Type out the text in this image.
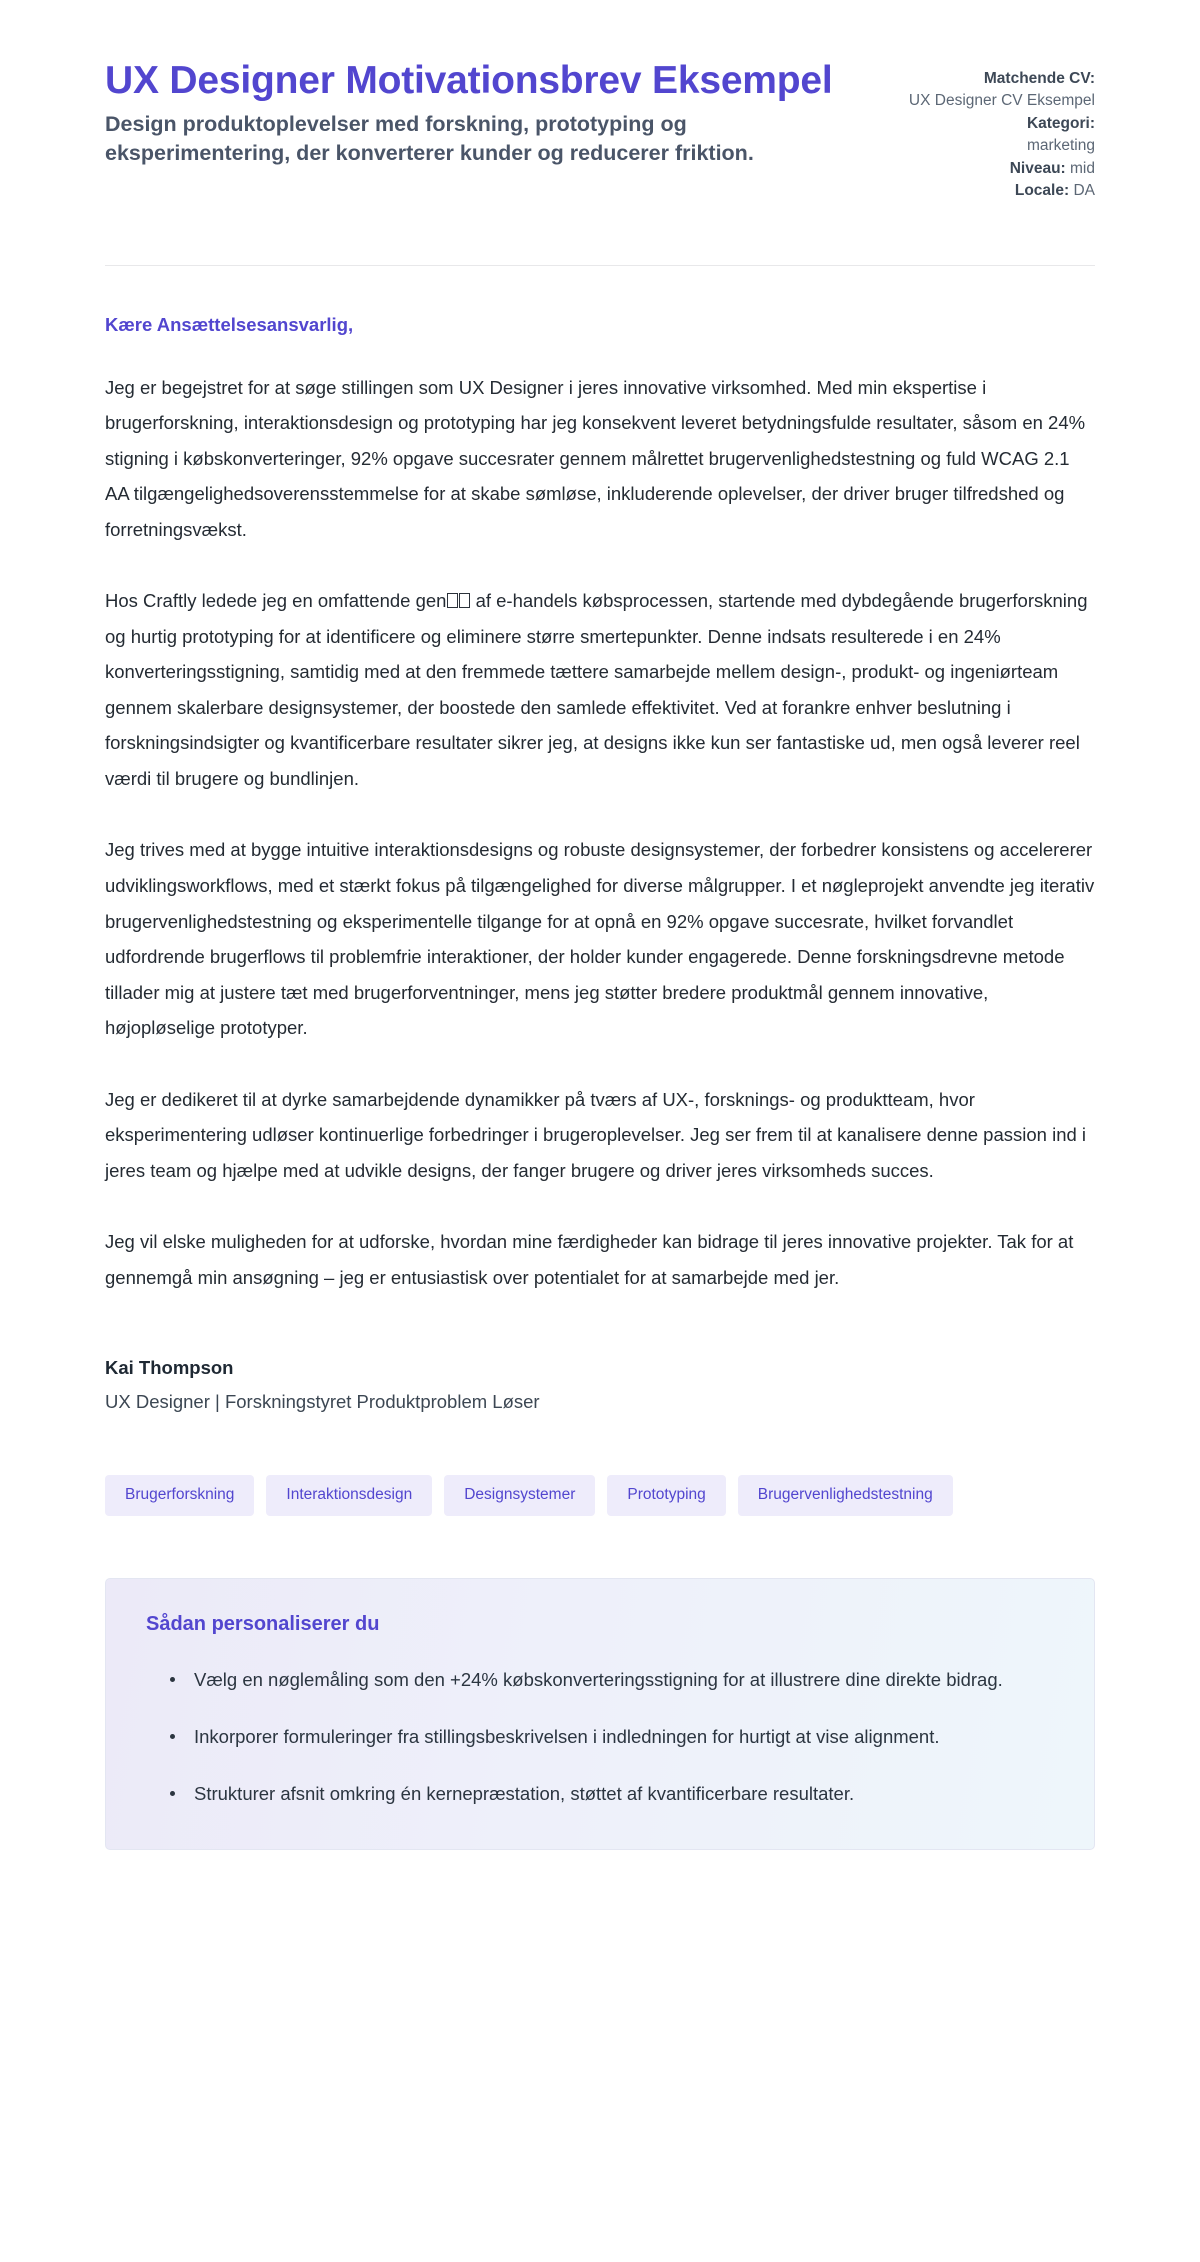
UX Designer Motivationsbrev Eksempel

Design produktoplevelser med forskning, prototyping og eksperimentering, der konverterer kunder og reducerer friktion.

Matchende CV:
UX Designer CV Eksempel
Kategori:
marketing
Niveau: mid
Locale: DA

Kære Ansættelsesansvarlig,

Jeg er begejstret for at søge stillingen som UX Designer i jeres innovative virksomhed. Med min ekspertise i brugerforskning, interaktionsdesign og prototyping har jeg konsekvent leveret betydningsfulde resultater, såsom en 24% stigning i købskonverteringer, 92% opgave succesrater gennem målrettet brugervenlighedstestning og fuld WCAG 2.1 AA tilgængelighedsoverensstemmelse for at skabe sømløse, inkluderende oplevelser, der driver bruger tilfredshed og forretningsvækst.

Hos Craftly ledede jeg en omfattende gen af e-handels købsprocessen, startende med dybdegående brugerforskning og hurtig prototyping for at identificere og eliminere større smertepunkter. Denne indsats resulterede i en 24% konverteringsstigning, samtidig med at den fremmede tættere samarbejde mellem design-, produkt- og ingeniørteam gennem skalerbare designsystemer, der boostede den samlede effektivitet. Ved at forankre enhver beslutning i forskningsindsigter og kvantificerbare resultater sikrer jeg, at designs ikke kun ser fantastiske ud, men også leverer reel værdi til brugere og bundlinjen.

Jeg trives med at bygge intuitive interaktionsdesigns og robuste designsystemer, der forbedrer konsistens og accelererer udviklingsworkflows, med et stærkt fokus på tilgængelighed for diverse målgrupper. I et nøgleprojekt anvendte jeg iterativ brugervenlighedstestning og eksperimentelle tilgange for at opnå en 92% opgave succesrate, hvilket forvandlet udfordrende brugerflows til problemfrie interaktioner, der holder kunder engagerede. Denne forskningsdrevne metode tillader mig at justere tæt med brugerforventninger, mens jeg støtter bredere produktmål gennem innovative, højopløselige prototyper.

Jeg er dedikeret til at dyrke samarbejdende dynamikker på tværs af UX-, forsknings- og produktteam, hvor eksperimentering udløser kontinuerlige forbedringer i brugeroplevelser. Jeg ser frem til at kanalisere denne passion ind i jeres team og hjælpe med at udvikle designs, der fanger brugere og driver jeres virksomheds succes.

Jeg vil elske muligheden for at udforske, hvordan mine færdigheder kan bidrage til jeres innovative projekter. Tak for at gennemgå min ansøgning – jeg er entusiastisk over potentialet for at samarbejde med jer.

Kai Thompson

UX Designer | Forskningstyret Produktproblem Løser

Brugerforskning	Interaktionsdesign	Designsystemer	Prototyping	Brugervenlighedstestning
Sådan personaliserer du
Vælg en nøglemåling som den +24% købskonverteringsstigning for at illustrere dine direkte bidrag.
Inkorporer formuleringer fra stillingsbeskrivelsen i indledningen for hurtigt at vise alignment.
Strukturer afsnit omkring én kernepræstation, støttet af kvantificerbare resultater.
